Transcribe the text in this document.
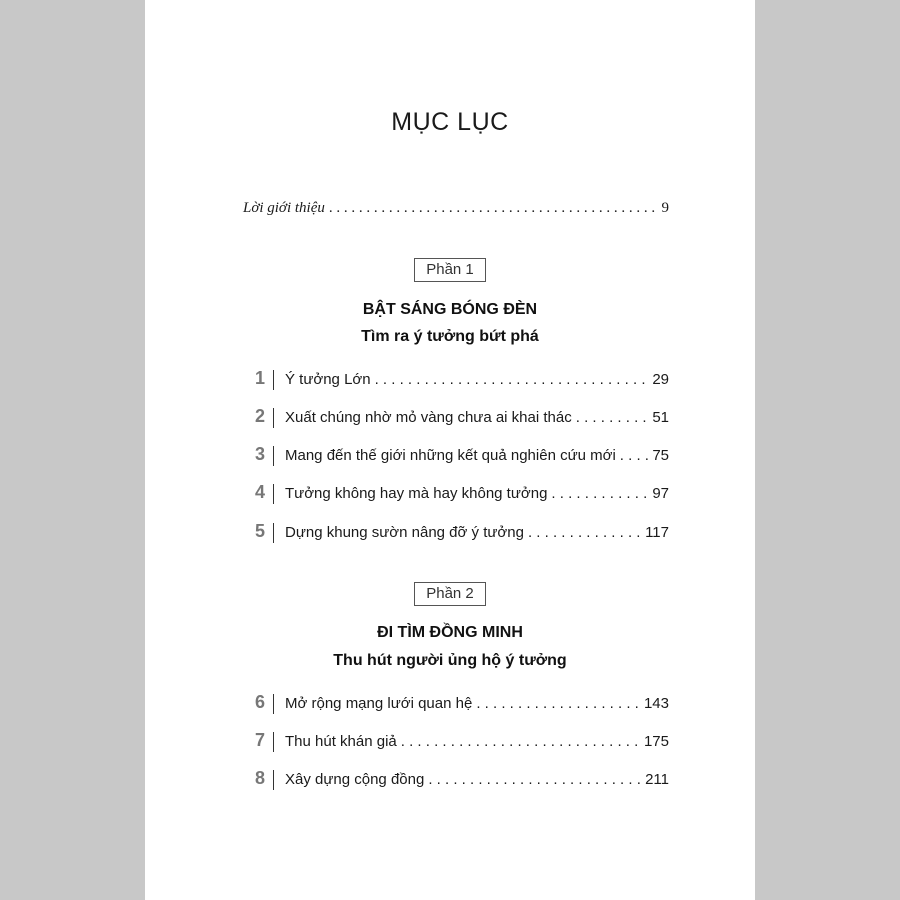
MỤC LỤC
Lời giới thiệu . . .	9
Phần 1
BẬT SÁNG BÓNG ĐÈN
Tìm ra ý tưởng bứt phá
1 Ý tưởng Lớn . . .	29
2 Xuất chúng nhờ mỏ vàng chưa ai khai thác . . .	51
3 Mang đến thế giới những kết quả nghiên cứu mới . . . 75
4 Tưởng không hay mà hay không tưởng . . .	97
5 Dựng khung sườn nâng đỡ ý tưởng . . .	117
Phần 2
ĐI TÌM ĐỒNG MINH
Thu hút người ủng hộ ý tưởng
6 Mở rộng mạng lưới quan hệ . . .	143
7 Thu hút khán giả . . .	175
8 Xây dựng cộng đồng . . .	211
